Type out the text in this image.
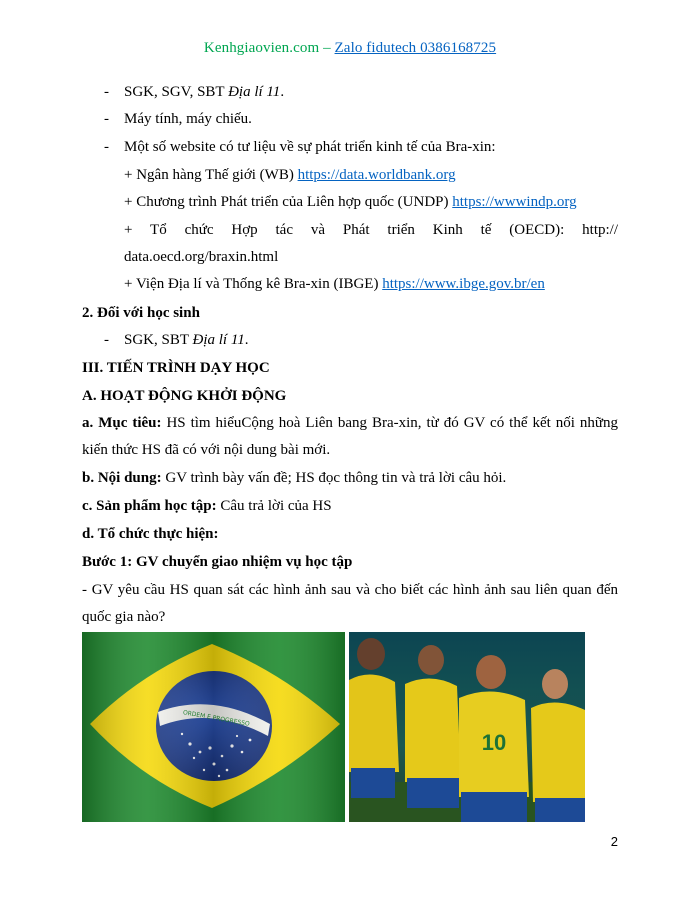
Kenhgiaovien.com – Zalo fidutech 0386168725
- SGK, SGV, SBT Địa lí 11.
- Máy tính, máy chiếu.
- Một số website có tư liệu về sự phát triển kinh tế của Bra-xin:
+ Ngân hàng Thế giới (WB) https://data.worldbank.org
+ Chương trình Phát triển của Liên hợp quốc (UNDP) https://wwwindp.org
+ Tổ chức Hợp tác và Phát triển Kinh tế (OECD): http://
data.oecd.org/braxin.html
+ Viện Địa lí và Thống kê Bra-xin (IBGE) https://www.ibge.gov.br/en
2. Đối với học sinh
- SGK, SBT Địa lí 11.
III. TIẾN TRÌNH DẠY HỌC
A. HOẠT ĐỘNG KHỞI ĐỘNG
a. Mục tiêu: HS tìm hiểuCộng hoà Liên bang Bra-xin, từ đó GV có thể kết nối những
kiến thức HS đã có với nội dung bài mới.
b. Nội dung: GV trình bày vấn đề; HS đọc thông tin và trả lời câu hỏi.
c. Sản phẩm học tập: Câu trả lời của HS
d. Tổ chức thực hiện:
Bước 1: GV chuyển giao nhiệm vụ học tập
- GV yêu cầu HS quan sát các hình ảnh sau và cho biết các hình ảnh sau liên quan đến
quốc gia nào?
10
2
